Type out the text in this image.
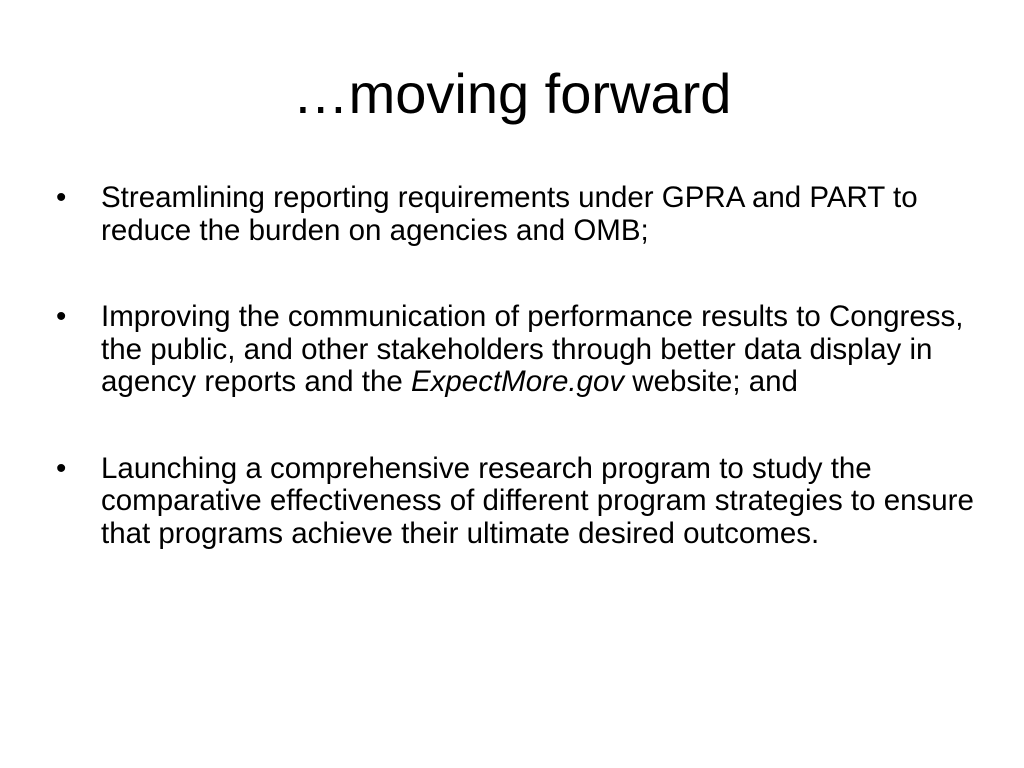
…moving forward
•	Streamlining reporting requirements under GPRA and PART to reduce the burden on agencies and OMB;
•	Improving the communication of performance results to Congress, the public, and other stakeholders through better data display in agency reports and the ExpectMore.gov website; and
•	Launching a comprehensive research program to study the comparative effectiveness of different program strategies to ensure that programs achieve their ultimate desired outcomes.
